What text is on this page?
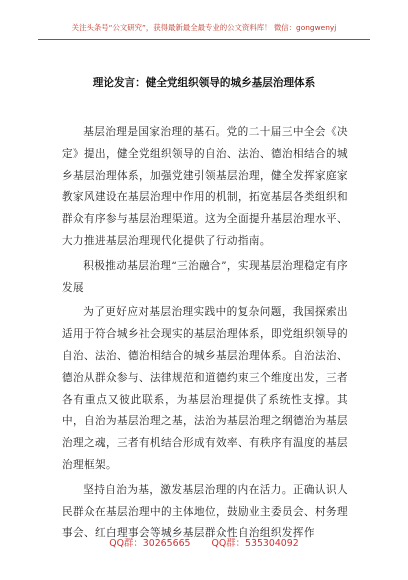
关注头条号“公文研究”，获得最新最全最专业的公文资料库！ 微信：gongwenyj
理论发言：健全党组织领导的城乡基层治理体系

基层治理是国家治理的基石。党的二十届三中全会《决定》提出，健全党组织领导的自治、法治、德治相结合的城乡基层治理体系，加强党建引领基层治理，健全发挥家庭家教家风建设在基层治理中作用的机制，拓宽基层各类组织和群众有序参与基层治理渠道。这为全面提升基层治理水平、大力推进基层治理现代化提供了行动指南。

积极推动基层治理“三治融合”，实现基层治理稳定有序发展

为了更好应对基层治理实践中的复杂问题，我国探索出适用于符合城乡社会现实的基层治理体系，即党组织领导的自治、法治、德治相结合的城乡基层治理体系。自治法治、德治从群众参与、法律规范和道德约束三个维度出发，三者各有重点又彼此联系，为基层治理提供了系统性支撑。其中，自治为基层治理之基，法治为基层治理之纲德治为基层治理之魂，三者有机结合形成有效率、有秩序有温度的基层治理框架。

坚持自治为基，激发基层治理的内在活力。正确认识人民群众在基层治理中的主体地位，鼓励业主委员会、村务理事会、红白理事会等城乡基层群众性自治组织发挥作

QQ群：30265665 QQ群：535304092
